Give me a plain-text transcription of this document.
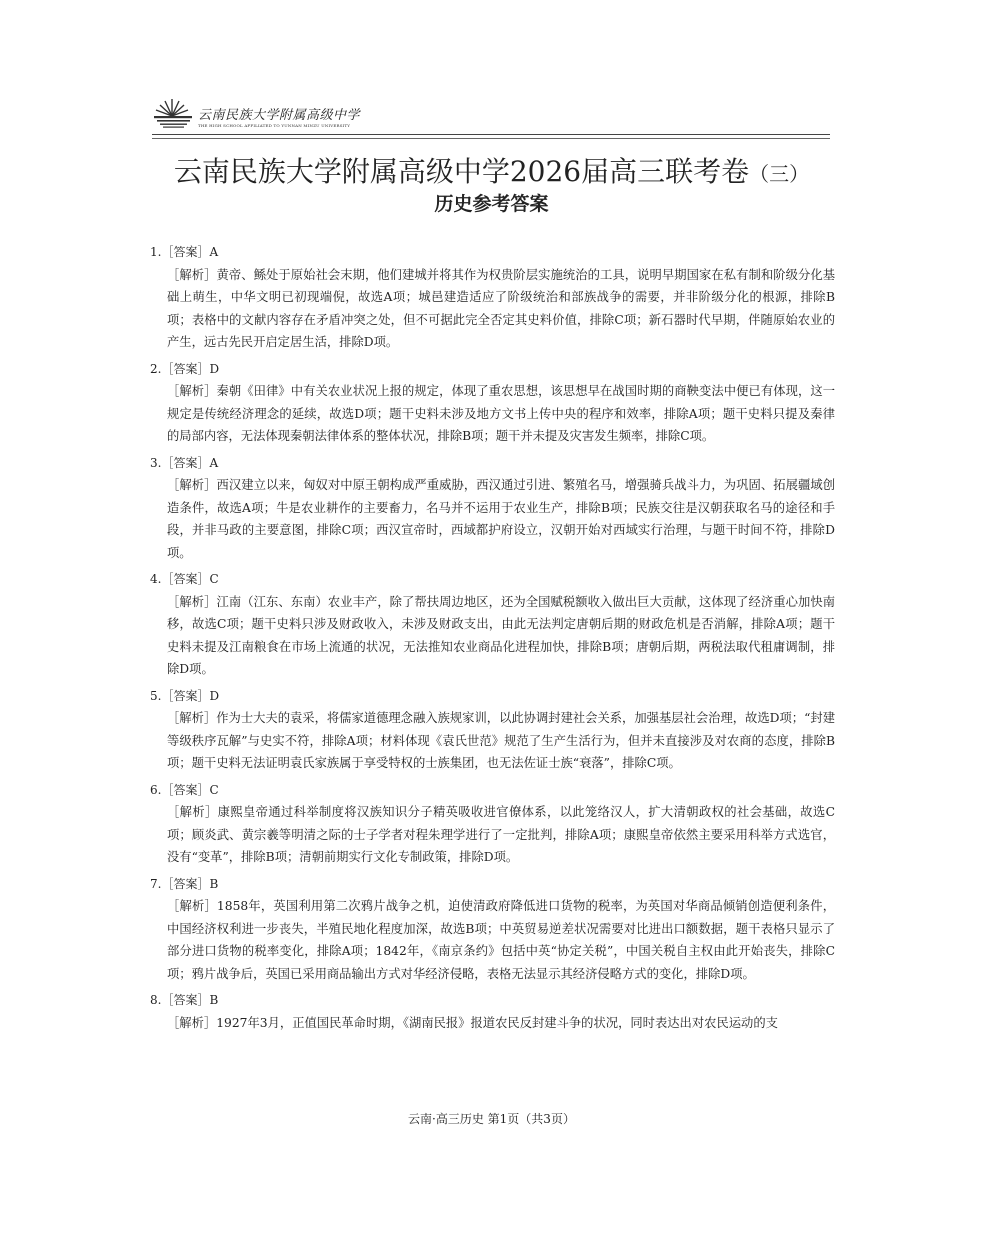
云南民族大学附属高级中学
THE HIGH SCHOOL AFFILIATED TO YUNNAN MINZU UNIVERSITY
云南民族大学附属高级中学2026届高三联考卷（三）
历史参考答案
1.［答案］A
［解析］黄帝、鲧处于原始社会末期，他们建城并将其作为权贵阶层实施统治的工具，说明早期国家在私有制和阶级分化基础上萌生，中华文明已初现端倪，故选A项；城邑建造适应了阶级统治和部族战争的需要，并非阶级分化的根源，排除B项；表格中的文献内容存在矛盾冲突之处，但不可据此完全否定其史料价值，排除C项；新石器时代早期，伴随原始农业的产生，远古先民开启定居生活，排除D项。
2.［答案］D
［解析］秦朝《田律》中有关农业状况上报的规定，体现了重农思想，该思想早在战国时期的商鞅变法中便已有体现，这一规定是传统经济理念的延续，故选D项；题干史料未涉及地方文书上传中央的程序和效率，排除A项；题干史料只提及秦律的局部内容，无法体现秦朝法律体系的整体状况，排除B项；题干并未提及灾害发生频率，排除C项。
3.［答案］A
［解析］西汉建立以来，匈奴对中原王朝构成严重威胁，西汉通过引进、繁殖名马，增强骑兵战斗力，为巩固、拓展疆域创造条件，故选A项；牛是农业耕作的主要畜力，名马并不运用于农业生产，排除B项；民族交往是汉朝获取名马的途径和手段，并非马政的主要意图，排除C项；西汉宣帝时，西域都护府设立，汉朝开始对西域实行治理，与题干时间不符，排除D项。
4.［答案］C
［解析］江南（江东、东南）农业丰产，除了帮扶周边地区，还为全国赋税额收入做出巨大贡献，这体现了经济重心加快南移，故选C项；题干史料只涉及财政收入，未涉及财政支出，由此无法判定唐朝后期的财政危机是否消解，排除A项；题干史料未提及江南粮食在市场上流通的状况，无法推知农业商品化进程加快，排除B项；唐朝后期，两税法取代租庸调制，排除D项。
5.［答案］D
［解析］作为士大夫的袁采，将儒家道德理念融入族规家训，以此协调封建社会关系，加强基层社会治理，故选D项；“封建等级秩序瓦解”与史实不符，排除A项；材料体现《袁氏世范》规范了生产生活行为，但并未直接涉及对农商的态度，排除B项；题干史料无法证明袁氏家族属于享受特权的士族集团，也无法佐证士族“衰落”，排除C项。
6.［答案］C
［解析］康熙皇帝通过科举制度将汉族知识分子精英吸收进官僚体系，以此笼络汉人，扩大清朝政权的社会基础，故选C项；顾炎武、黄宗羲等明清之际的士子学者对程朱理学进行了一定批判，排除A项；康熙皇帝依然主要采用科举方式选官，没有“变革”，排除B项；清朝前期实行文化专制政策，排除D项。
7.［答案］B
［解析］1858年，英国利用第二次鸦片战争之机，迫使清政府降低进口货物的税率，为英国对华商品倾销创造便利条件，中国经济权利进一步丧失，半殖民地化程度加深，故选B项；中英贸易逆差状况需要对比进出口额数据，题干表格只显示了部分进口货物的税率变化，排除A项；1842年，《南京条约》包括中英“协定关税”，中国关税自主权由此开始丧失，排除C项；鸦片战争后，英国已采用商品输出方式对华经济侵略，表格无法显示其经济侵略方式的变化，排除D项。
8.［答案］B
［解析］1927年3月，正值国民革命时期，《湖南民报》报道农民反封建斗争的状况，同时表达出对农民运动的支
云南·高三历史 第1页（共3页）
